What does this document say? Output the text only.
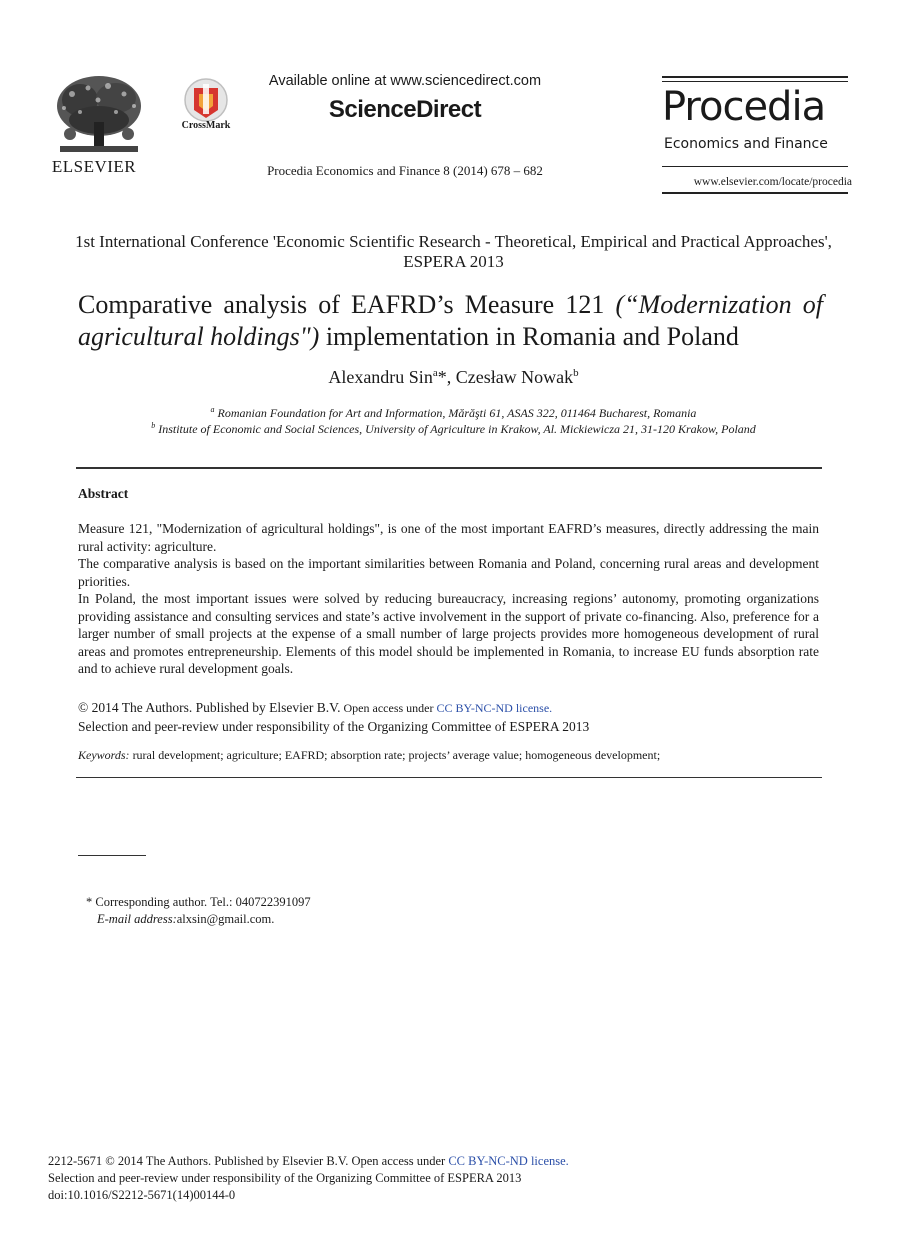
ELSEVIER
CrossMark
Available online at www.sciencedirect.com
ScienceDirect
Procedia Economics and Finance 8 (2014) 678 – 682
Procedia
Economics and Finance
www.elsevier.com/locate/procedia
1st International Conference 'Economic Scientific Research - Theoretical, Empirical and Practical Approaches', ESPERA 2013
Comparative analysis of EAFRD’s Measure 121 (“Modernization of
agricultural holdings") implementation in Romania and Poland
Alexandru Sin$^a$*, Czesław Nowak$^b$
$^a$ Romanian Foundation for Art and Information, Mărăşti 61, ASAS 322, 011464 Bucharest, Romania
$^b$ Institute of Economic and Social Sciences, University of Agriculture in Krakow, Al. Mickiewicza 21, 31-120 Krakow, Poland
Abstract

Measure 121, "Modernization of agricultural holdings", is one of the most important EAFRD’s measures, directly addressing the main rural activity: agriculture.

The comparative analysis is based on the important similarities between Romania and Poland, concerning rural areas and development priorities.

In Poland, the most important issues were solved by reducing bureaucracy, increasing regions’ autonomy, promoting organizations providing assistance and consulting services and state’s active involvement in the support of private co-financing. Also, preference for a larger number of small projects at the expense of a small number of large projects provides more homogeneous development of rural areas and promotes entrepreneurship. Elements of this model should be implemented in Romania, to increase EU funds absorption rate and to achieve rural development goals.

© 2014 The Authors. Published by Elsevier B.V. Open access under CC BY-NC-ND license.
Selection and peer-review under responsibility of the Organizing Committee of ESPERA 2013
Keywords: rural development; agriculture; EAFRD; absorption rate; projects’ average value; homogeneous development;
* Corresponding author. Tel.: 040722391097
E-mail address:alxsin@gmail.com.
2212-5671 © 2014 The Authors. Published by Elsevier B.V. Open access under CC BY-NC-ND license.
Selection and peer-review under responsibility of the Organizing Committee of ESPERA 2013
doi:10.1016/S2212-5671(14)00144-0
